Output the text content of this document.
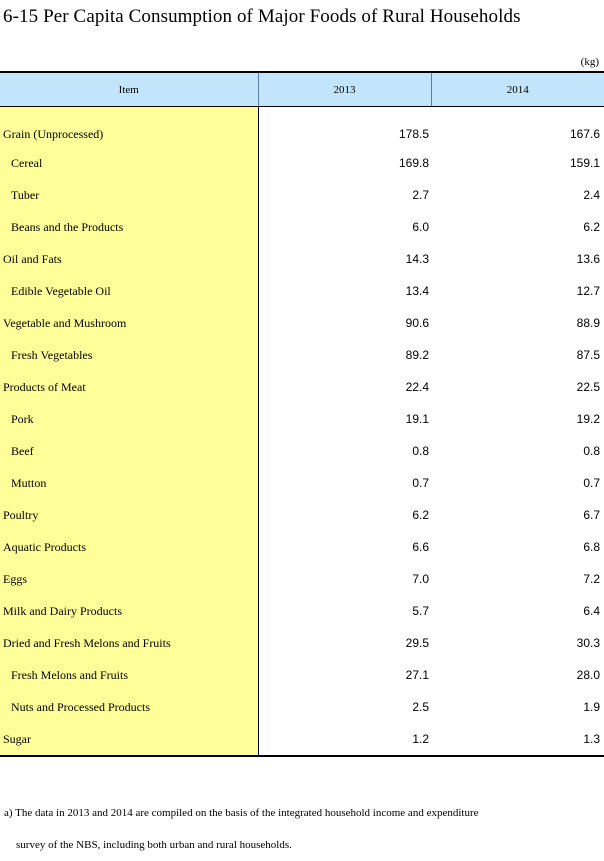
6-15 Per Capita Consumption of Major Foods of Rural Households
(kg)
Item	2013	2014
Grain (Unprocessed)	178.5	167.6
Cereal	169.8	159.1
Tuber	2.7	2.4
Beans and the Products	6.0	6.2
Oil and Fats	14.3	13.6
Edible Vegetable Oil	13.4	12.7
Vegetable and Mushroom	90.6	88.9
Fresh Vegetables	89.2	87.5
Products of Meat	22.4	22.5
Pork	19.1	19.2
Beef	0.8	0.8
Mutton	0.7	0.7
Poultry	6.2	6.7
Aquatic Products	6.6	6.8
Eggs	7.0	7.2
Milk and Dairy Products	5.7	6.4
Dried and Fresh Melons and Fruits	29.5	30.3
Fresh Melons and Fruits	27.1	28.0
Nuts and Processed Products	2.5	1.9
Sugar	1.2	1.3
a) The data in 2013 and 2014 are compiled on the basis of the integrated household income and expenditure
survey of the NBS, including both urban and rural households.
